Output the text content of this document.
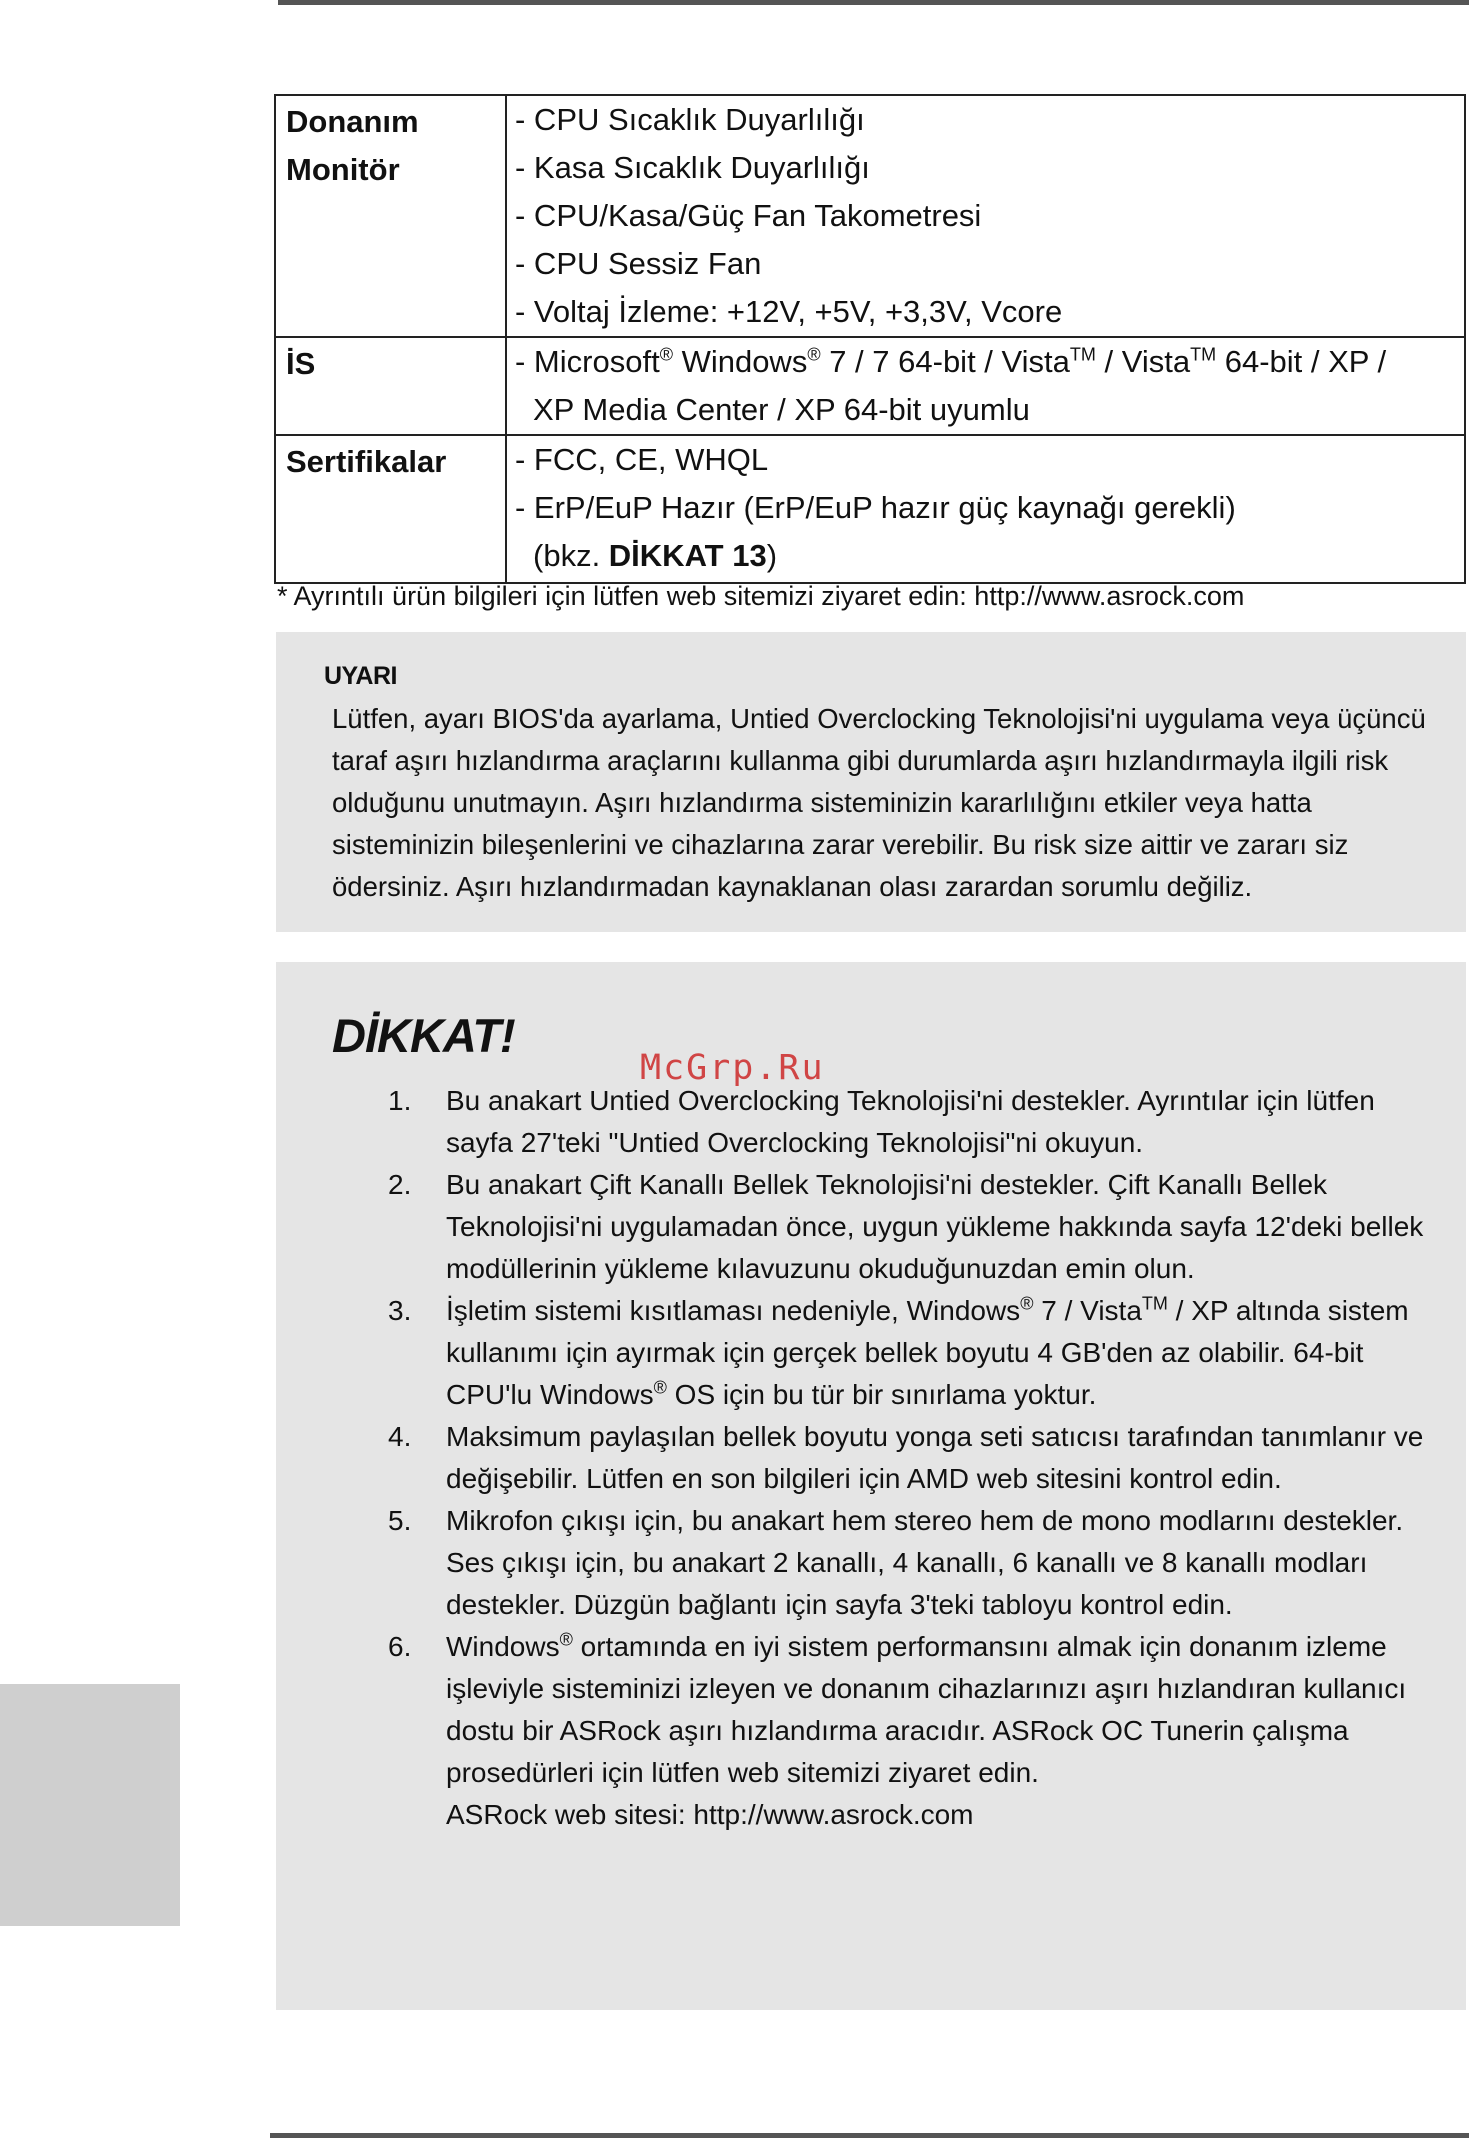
Donanım
Monitör	- CPU Sıcaklık Duyarlılığı
- Kasa Sıcaklık Duyarlılığı
- CPU/Kasa/Güç Fan Takometresi
- CPU Sessiz Fan
- Voltaj İzleme: +12V, +5V, +3,3V, Vcore

İS	- Microsoft® Windows® 7 / 7 64-bit / Vista™ / Vista™ 64-bit / XP /
XP Media Center / XP 64-bit uyumlu

Sertifikalar	- FCC, CE, WHQL
- ErP/EuP Hazır (ErP/EuP hazır güç kaynağı gerekli)
(bkz. DİKKAT 13)
* Ayrıntılı ürün bilgileri için lütfen web sitemizi ziyaret edin: http://www.asrock.com
UYARI
Lütfen, ayarı BIOS'da ayarlama, Untied Overclocking Teknolojisi'ni uygulama veya üçüncü taraf aşırı hızlandırma araçlarını kullanma gibi durumlarda aşırı hızlandırmayla ilgili risk olduğunu unutmayın. Aşırı hızlandırma sisteminizin kararlılığını etkiler veya hatta sisteminizin bileşenlerini ve cihazlarına zarar verebilir. Bu risk size aittir ve zararı siz ödersiniz. Aşırı hızlandırmadan kaynaklanan olası zarardan sorumlu değiliz.
DİKKAT!
McGrp.Ru
1. Bu anakart Untied Overclocking Teknolojisi'ni destekler. Ayrıntılar için lütfen sayfa 27'teki "Untied Overclocking Teknolojisi"ni okuyun.
2. Bu anakart Çift Kanallı Bellek Teknolojisi'ni destekler. Çift Kanallı Bellek Teknolojisi'ni uygulamadan önce, uygun yükleme hakkında sayfa 12'deki bellek modüllerinin yükleme kılavuzunu okuduğunuzdan emin olun.
3. İşletim sistemi kısıtlaması nedeniyle, Windows® 7 / Vista™ / XP altında sistem kullanımı için ayırmak için gerçek bellek boyutu 4 GB'den az olabilir. 64-bit CPU'lu Windows® OS için bu tür bir sınırlama yoktur.
4. Maksimum paylaşılan bellek boyutu yonga seti satıcısı tarafından tanımlanır ve değişebilir. Lütfen en son bilgileri için AMD web sitesini kontrol edin.
5. Mikrofon çıkışı için, bu anakart hem stereo hem de mono modlarını destekler. Ses çıkışı için, bu anakart 2 kanallı, 4 kanallı, 6 kanallı ve 8 kanallı modları destekler. Düzgün bağlantı için sayfa 3'teki tabloyu kontrol edin.
6. Windows® ortamında en iyi sistem performansını almak için donanım izleme işleviyle sisteminizi izleyen ve donanım cihazlarınızı aşırı hızlandıran kullanıcı dostu bir ASRock aşırı hızlandırma aracıdır. ASRock OC Tunerin çalışma prosedürleri için lütfen web sitemizi ziyaret edin.
ASRock web sitesi: http://www.asrock.com
